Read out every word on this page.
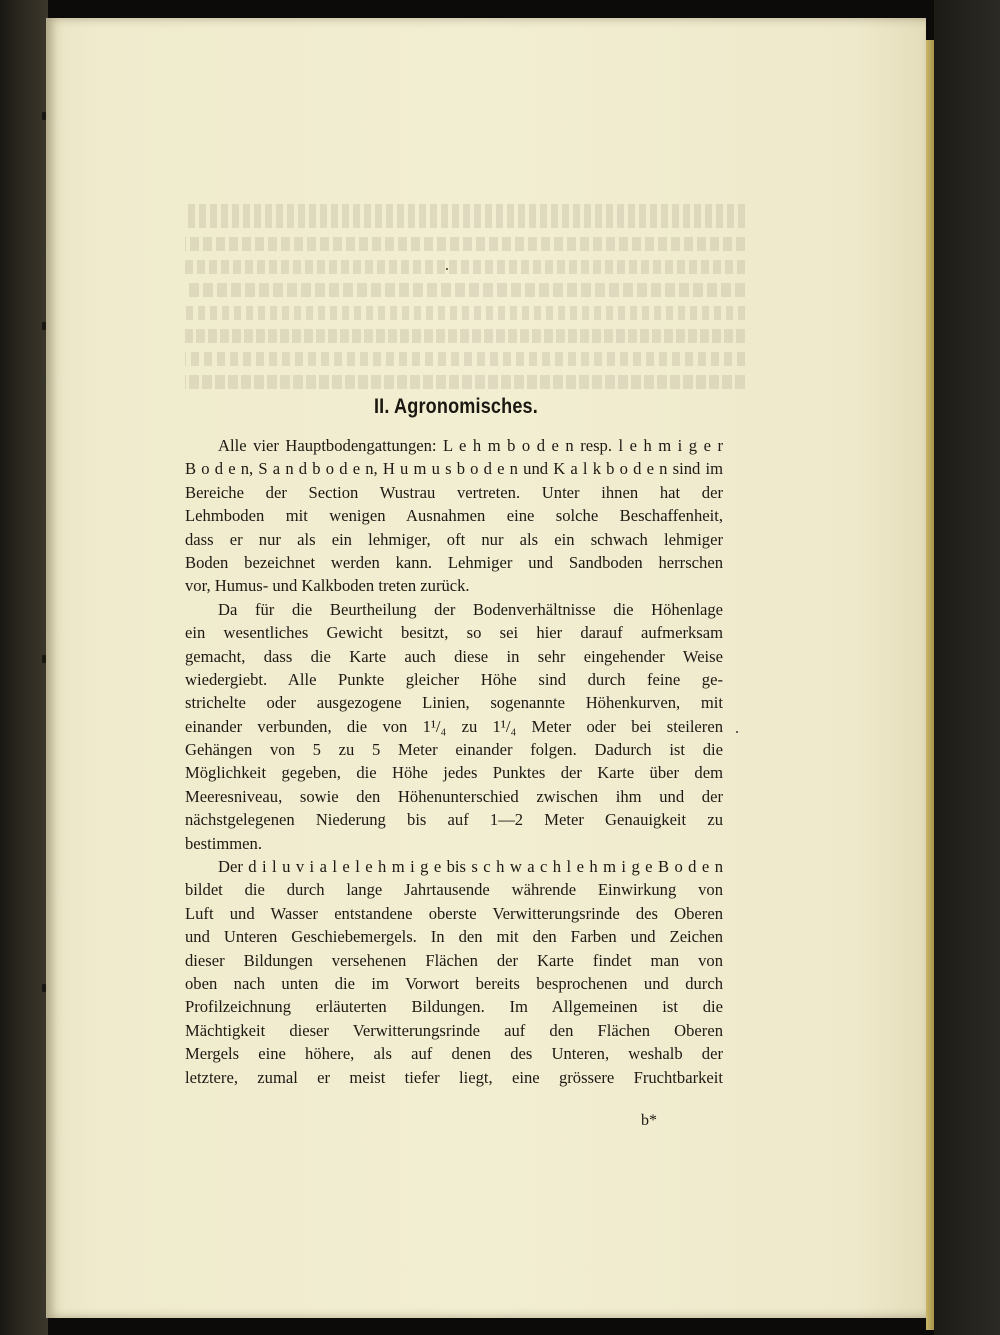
II. Agronomisches.
Alle vier Hauptbodengattungen: L e h m b o d e n resp. l e h m i g e r
B o d e n, S a n d b o d e n, H u m u s b o d e n und K a l k b o d e n sind im
Bereiche der Section Wustrau vertreten. Unter ihnen hat der
Lehmboden mit wenigen Ausnahmen eine solche Beschaffenheit,
dass er nur als ein lehmiger, oft nur als ein schwach lehmiger
Boden bezeichnet werden kann. Lehmiger und Sandboden herrschen
vor, Humus- und Kalkboden treten zurück.
Da für die Beurtheilung der Bodenverhältnisse die Höhenlage
ein wesentliches Gewicht besitzt, so sei hier darauf aufmerksam
gemacht, dass die Karte auch diese in sehr eingehender Weise
wiedergiebt. Alle Punkte gleicher Höhe sind durch feine ge-
strichelte oder ausgezogene Linien, sogenannte Höhenkurven, mit
einander verbunden, die von 1¹/₄ zu 1¹/₄ Meter oder bei steileren
Gehängen von 5 zu 5 Meter einander folgen. Dadurch ist die
Möglichkeit gegeben, die Höhe jedes Punktes der Karte über dem
Meeresniveau, sowie den Höhenunterschied zwischen ihm und der
nächstgelegenen Niederung bis auf 1—2 Meter Genauigkeit zu
bestimmen.
Der d i l u v i a l e l e h m i g e bis s c h w a c h l e h m i g e B o d e n
bildet die durch lange Jahrtausende währende Einwirkung von
Luft und Wasser entstandene oberste Verwitterungsrinde des Oberen
und Unteren Geschiebemergels. In den mit den Farben und Zeichen
dieser Bildungen versehenen Flächen der Karte findet man von
oben nach unten die im Vorwort bereits besprochenen und durch
Profilzeichnung erläuterten Bildungen. Im Allgemeinen ist die
Mächtigkeit dieser Verwitterungsrinde auf den Flächen Oberen
Mergels eine höhere, als auf denen des Unteren, weshalb der
letztere, zumal er meist tiefer liegt, eine grössere Fruchtbarkeit
b*
